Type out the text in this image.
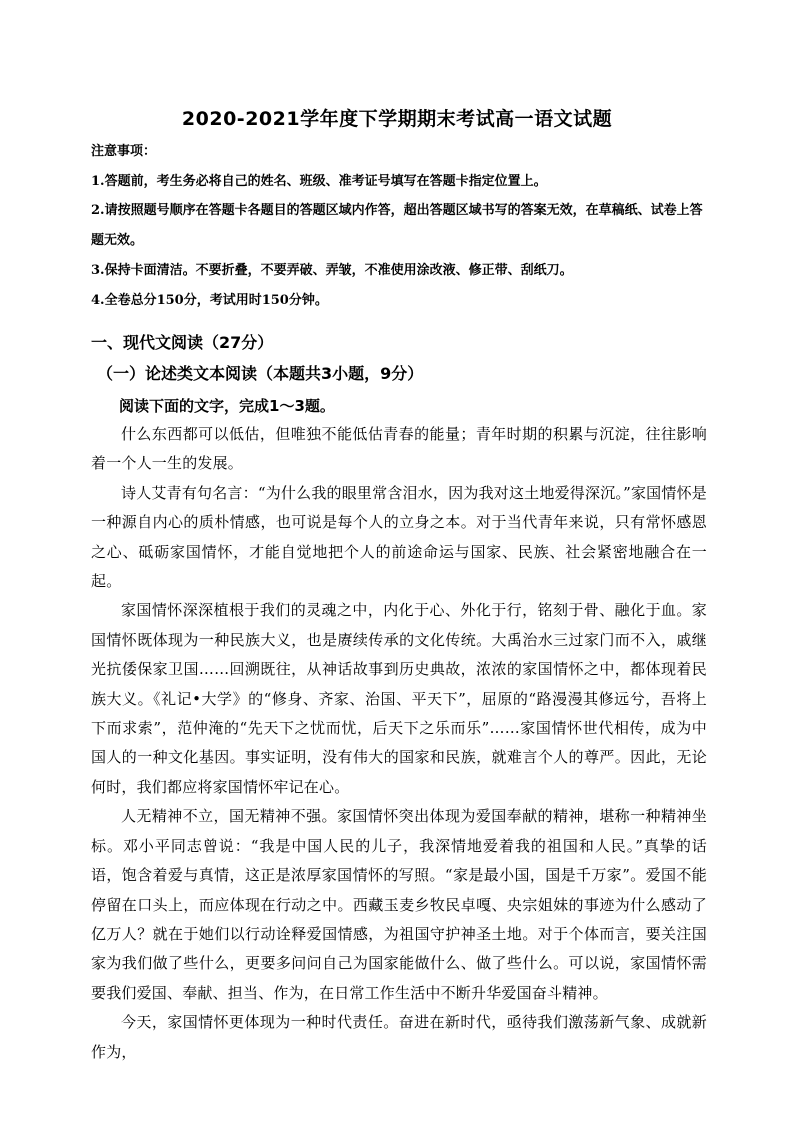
2020-2021学年度下学期期末考试高一语文试题
注意事项：
1.答题前，考生务必将自己的姓名、班级、准考证号填写在答题卡指定位置上。
2.请按照题号顺序在答题卡各题目的答题区域内作答，超出答题区域书写的答案无效，在草稿纸、试卷上答题无效。
3.保持卡面清洁。不要折叠，不要弄破、弄皱，不准使用涂改液、修正带、刮纸刀。
4.全卷总分150分，考试用时150分钟。
一、现代文阅读（27分）
（一）论述类文本阅读（本题共3小题，9分）
阅读下面的文字，完成1～3题。

什么东西都可以低估，但唯独不能低估青春的能量；青年时期的积累与沉淀，往往影响着一个人一生的发展。

诗人艾青有句名言：“为什么我的眼里常含泪水，因为我对这土地爱得深沉。”家国情怀是一种源自内心的质朴情感，也可说是每个人的立身之本。对于当代青年来说，只有常怀感恩之心、砥砺家国情怀，才能自觉地把个人的前途命运与国家、民族、社会紧密地融合在一起。

家国情怀深深植根于我们的灵魂之中，内化于心、外化于行，铭刻于骨、融化于血。家国情怀既体现为一种民族大义，也是赓续传承的文化传统。大禹治水三过家门而不入，戚继光抗倭保家卫国……回溯既往，从神话故事到历史典故，浓浓的家国情怀之中，都体现着民族大义。《礼记•大学》的“修身、齐家、治国、平天下”，屈原的“路漫漫其修远兮，吾将上下而求索”，范仲淹的“先天下之忧而忧，后天下之乐而乐”……家国情怀世代相传，成为中国人的一种文化基因。事实证明，没有伟大的国家和民族，就难言个人的尊严。因此，无论何时，我们都应将家国情怀牢记在心。

人无精神不立，国无精神不强。家国情怀突出体现为爱国奉献的精神，堪称一种精神坐标。邓小平同志曾说：“我是中国人民的儿子，我深情地爱着我的祖国和人民。”真挚的话语，饱含着爱与真情，这正是浓厚家国情怀的写照。“家是最小国，国是千万家”。爱国不能停留在口头上，而应体现在行动之中。西藏玉麦乡牧民卓嘎、央宗姐妹的事迹为什么感动了亿万人？就在于她们以行动诠释爱国情感，为祖国守护神圣土地。对于个体而言，要关注国家为我们做了些什么，更要多问问自己为国家能做什么、做了些什么。可以说，家国情怀需要我们爱国、奉献、担当、作为，在日常工作生活中不断升华爱国奋斗精神。

今天，家国情怀更体现为一种时代责任。奋进在新时代，亟待我们激荡新气象、成就新作为，
